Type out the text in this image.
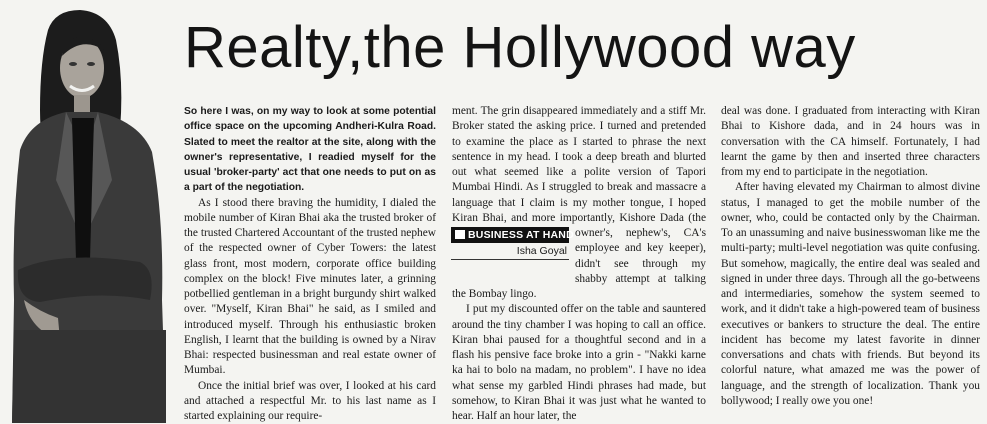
Realty,the Hollywood way

So here I was, on my way to look at some potential office space on the upcoming Andheri-Kulra Road. Slated to meet the realtor at the site, along with the owner's representative, I readied myself for the usual 'broker-party' act that one needs to put on as a part of the negotiation.

As I stood there braving the humidity, I dialed the mobile number of Kiran Bhai aka the trusted broker of the trusted Chartered Accountant of the trusted nephew of the respected owner of Cyber Towers: the latest glass front, most modern, corporate office building complex on the block! Five minutes later, a grinning potbellied gentleman in a bright burgundy shirt walked over. "Myself, Kiran Bhai" he said, as I smiled and introduced myself. Through his enthusiastic broken English, I learnt that the building is owned by a Nirav Bhai: respected businessman and real estate owner of Mumbai.

Once the initial brief was over, I looked at his card and attached a respectful Mr. to his last name as I started explaining our require-

ment. The grin disappeared immediately and a stiff Mr. Broker stated the asking price. I turned and pretended to examine the place as I started to phrase the next sentence in my head. I took a deep breath and blurted out what seemed like a polite version of Tapori Mumbai Hindi. As I struggled to break and massacre a language that I claim is my mother tongue, I hoped Kiran Bhai, and more importantly,
BUSINESS AT HAND
Isha Goyal
Kishore Dada (the owner's, nephew's, CA's employee and key keeper), didn't see through my shabby attempt at talking the Bombay lingo.

I put my discounted offer on the table and sauntered around the tiny chamber I was hoping to call an office. Kiran bhai paused for a thoughtful second and in a flash his pensive face broke into a grin - "Nakki karne ka hai to bolo na madam, no problem". I have no idea what sense my garbled Hindi phrases had made, but somehow, to Kiran Bhai it was just what he wanted to hear. Half an hour later, the

deal was done. I graduated from interacting with Kiran Bhai to Kishore dada, and in 24 hours was in conversation with the CA himself. Fortunately, I had learnt the game by then and inserted three characters from my end to participate in the negotiation.

After having elevated my Chairman to almost divine status, I managed to get the mobile number of the owner, who, could be contacted only by the Chairman. To an unassuming and naive businesswoman like me the multi-party; multi-level negotiation was quite confusing. But somehow, magically, the entire deal was sealed and signed in under three days. Through all the go-betweens and intermediaries, somehow the system seemed to work, and it didn't take a high-powered team of business executives or bankers to structure the deal. The entire incident has become my latest favorite in dinner conversations and chats with friends. But beyond its colorful nature, what amazed me was the power of language, and the strength of localization. Thank you bollywood; I really owe you one!
